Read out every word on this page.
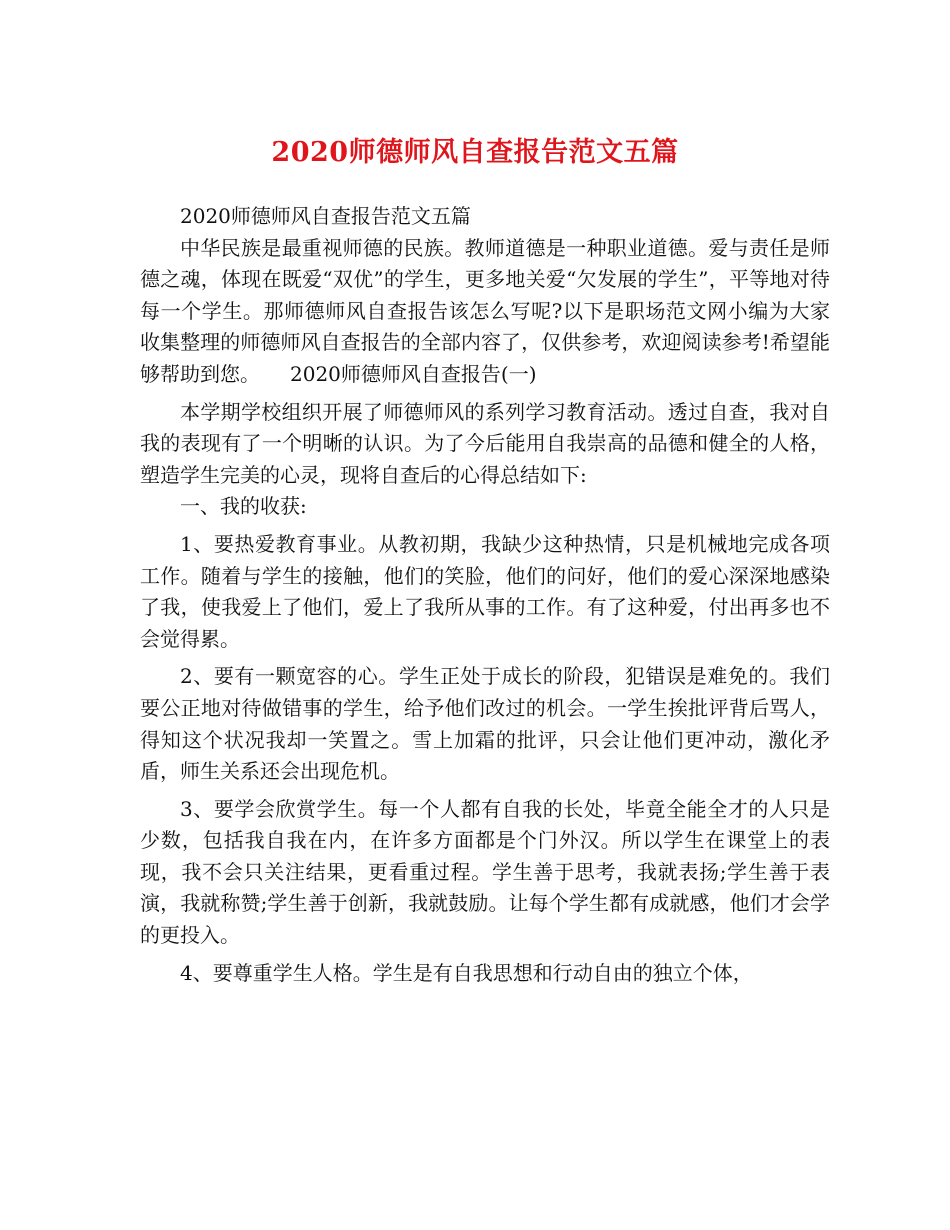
2020师德师风自查报告范文五篇

2020师德师风自查报告范文五篇

中华民族是最重视师德的民族。教师道德是一种职业道德。爱与责任是师德之魂，体现在既爱“双优”的学生，更多地关爱“欠发展的学生”，平等地对待每一个学生。那师德师风自查报告该怎么写呢?以下是职场范文网小编为大家收集整理的师德师风自查报告的全部内容了，仅供参考，欢迎阅读参考!希望能够帮助到您。　　2020师德师风自查报告(一)

本学期学校组织开展了师德师风的系列学习教育活动。透过自查，我对自我的表现有了一个明晰的认识。为了今后能用自我崇高的品德和健全的人格，塑造学生完美的心灵，现将自查后的心得总结如下:

一、我的收获:

1、要热爱教育事业。从教初期，我缺少这种热情，只是机械地完成各项工作。随着与学生的接触，他们的笑脸，他们的问好，他们的爱心深深地感染了我，使我爱上了他们，爱上了我所从事的工作。有了这种爱，付出再多也不会觉得累。

2、要有一颗宽容的心。学生正处于成长的阶段，犯错误是难免的。我们要公正地对待做错事的学生，给予他们改过的机会。一学生挨批评背后骂人，得知这个状况我却一笑置之。雪上加霜的批评，只会让他们更冲动，激化矛盾，师生关系还会出现危机。

3、要学会欣赏学生。每一个人都有自我的长处，毕竟全能全才的人只是少数，包括我自我在内，在许多方面都是个门外汉。所以学生在课堂上的表现，我不会只关注结果，更看重过程。学生善于思考，我就表扬;学生善于表演，我就称赞;学生善于创新，我就鼓励。让每个学生都有成就感，他们才会学的更投入。

4、要尊重学生人格。学生是有自我思想和行动自由的独立个体，
